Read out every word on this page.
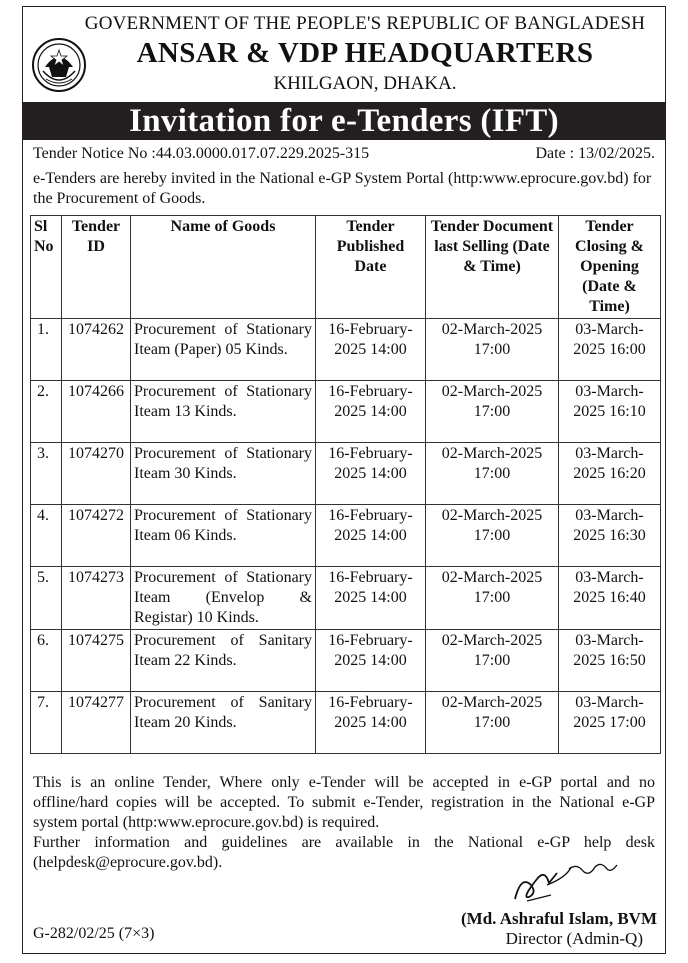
GOVERNMENT OF THE PEOPLE'S REPUBLIC OF BANGLADESH
ANSAR & VDP HEADQUARTERS
KHILGAON, DHAKA.
Invitation for e-Tenders (IFT)
Tender Notice No :44.03.0000.017.07.229.2025-315	Date : 13/02/2025.
e-Tenders are hereby invited in the National e-GP System Portal (http:www.eprocure.gov.bd) for the Procurement of Goods.
Sl No	Tender ID	Name of Goods	Tender Published Date	Tender Document last Selling (Date & Time)	Tender Closing & Opening (Date & Time)
1.	1074262	Procurement of Stationary Iteam (Paper) 05 Kinds.	16-February-2025 14:00	02-March-2025 17:00	03-March-2025 16:00
2.	1074266	Procurement of Stationary Iteam 13 Kinds.	16-February-2025 14:00	02-March-2025 17:00	03-March-2025 16:10
3.	1074270	Procurement of Stationary Iteam 30 Kinds.	16-February-2025 14:00	02-March-2025 17:00	03-March-2025 16:20
4.	1074272	Procurement of Stationary Iteam 06 Kinds.	16-February-2025 14:00	02-March-2025 17:00	03-March-2025 16:30
5.	1074273	Procurement of Stationary Iteam (Envelop & Registar) 10 Kinds.	16-February-2025 14:00	02-March-2025 17:00	03-March-2025 16:40
6.	1074275	Procurement of Sanitary Iteam 22 Kinds.	16-February-2025 14:00	02-March-2025 17:00	03-March-2025 16:50
7.	1074277	Procurement of Sanitary Iteam 20 Kinds.	16-February-2025 14:00	02-March-2025 17:00	03-March-2025 17:00

This is an online Tender, Where only e-Tender will be accepted in e-GP portal and no offline/hard copies will be accepted. To submit e-Tender, registration in the National e-GP system portal (http:www.eprocure.gov.bd) is required.

Further information and guidelines are available in the National e-GP help desk (helpdesk@eprocure.gov.bd).

G-282/02/25 (7×3)
(Md. Ashraful Islam, BVM
Director (Admin-Q)
